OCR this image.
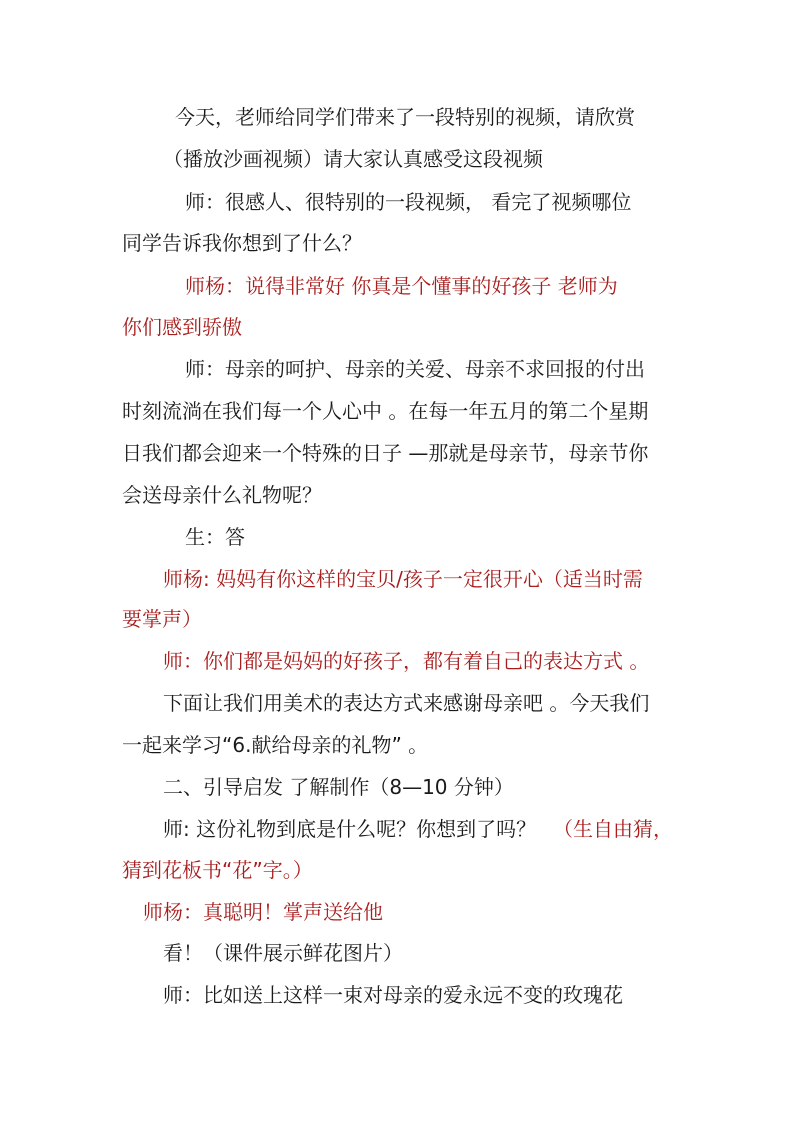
今天，老师给同学们带来了一段特别的视频，请欣赏
（播放沙画视频）请大家认真感受这段视频
师：很感人、很特别的一段视频， 看完了视频哪位
同学告诉我你想到了什么？
师杨：说得非常好 你真是个懂事的好孩子 老师为
你们感到骄傲
师：母亲的呵护、母亲的关爱、母亲不求回报的付出
时刻流淌在我们每一个人心中 。在每一年五月的第二个星期
日我们都会迎来一个特殊的日子 —那就是母亲节，母亲节你
会送母亲什么礼物呢？
生：答
师杨: 妈妈有你这样的宝贝/孩子一定很开心（适当时需
要掌声）
师：你们都是妈妈的好孩子，都有着自己的表达方式 。
下面让我们用美术的表达方式来感谢母亲吧 。今天我们
一起来学习“6.献给母亲的礼物” 。
二、引导启发 了解制作（8—10 分钟）
师: 这份礼物到底是什么呢？你想到了吗？ （生自由猜，
猜到花板书“花”字。）
师杨：真聪明！掌声送给他
看！（课件展示鲜花图片）
师：比如送上这样一束对母亲的爱永远不变的玫瑰花
